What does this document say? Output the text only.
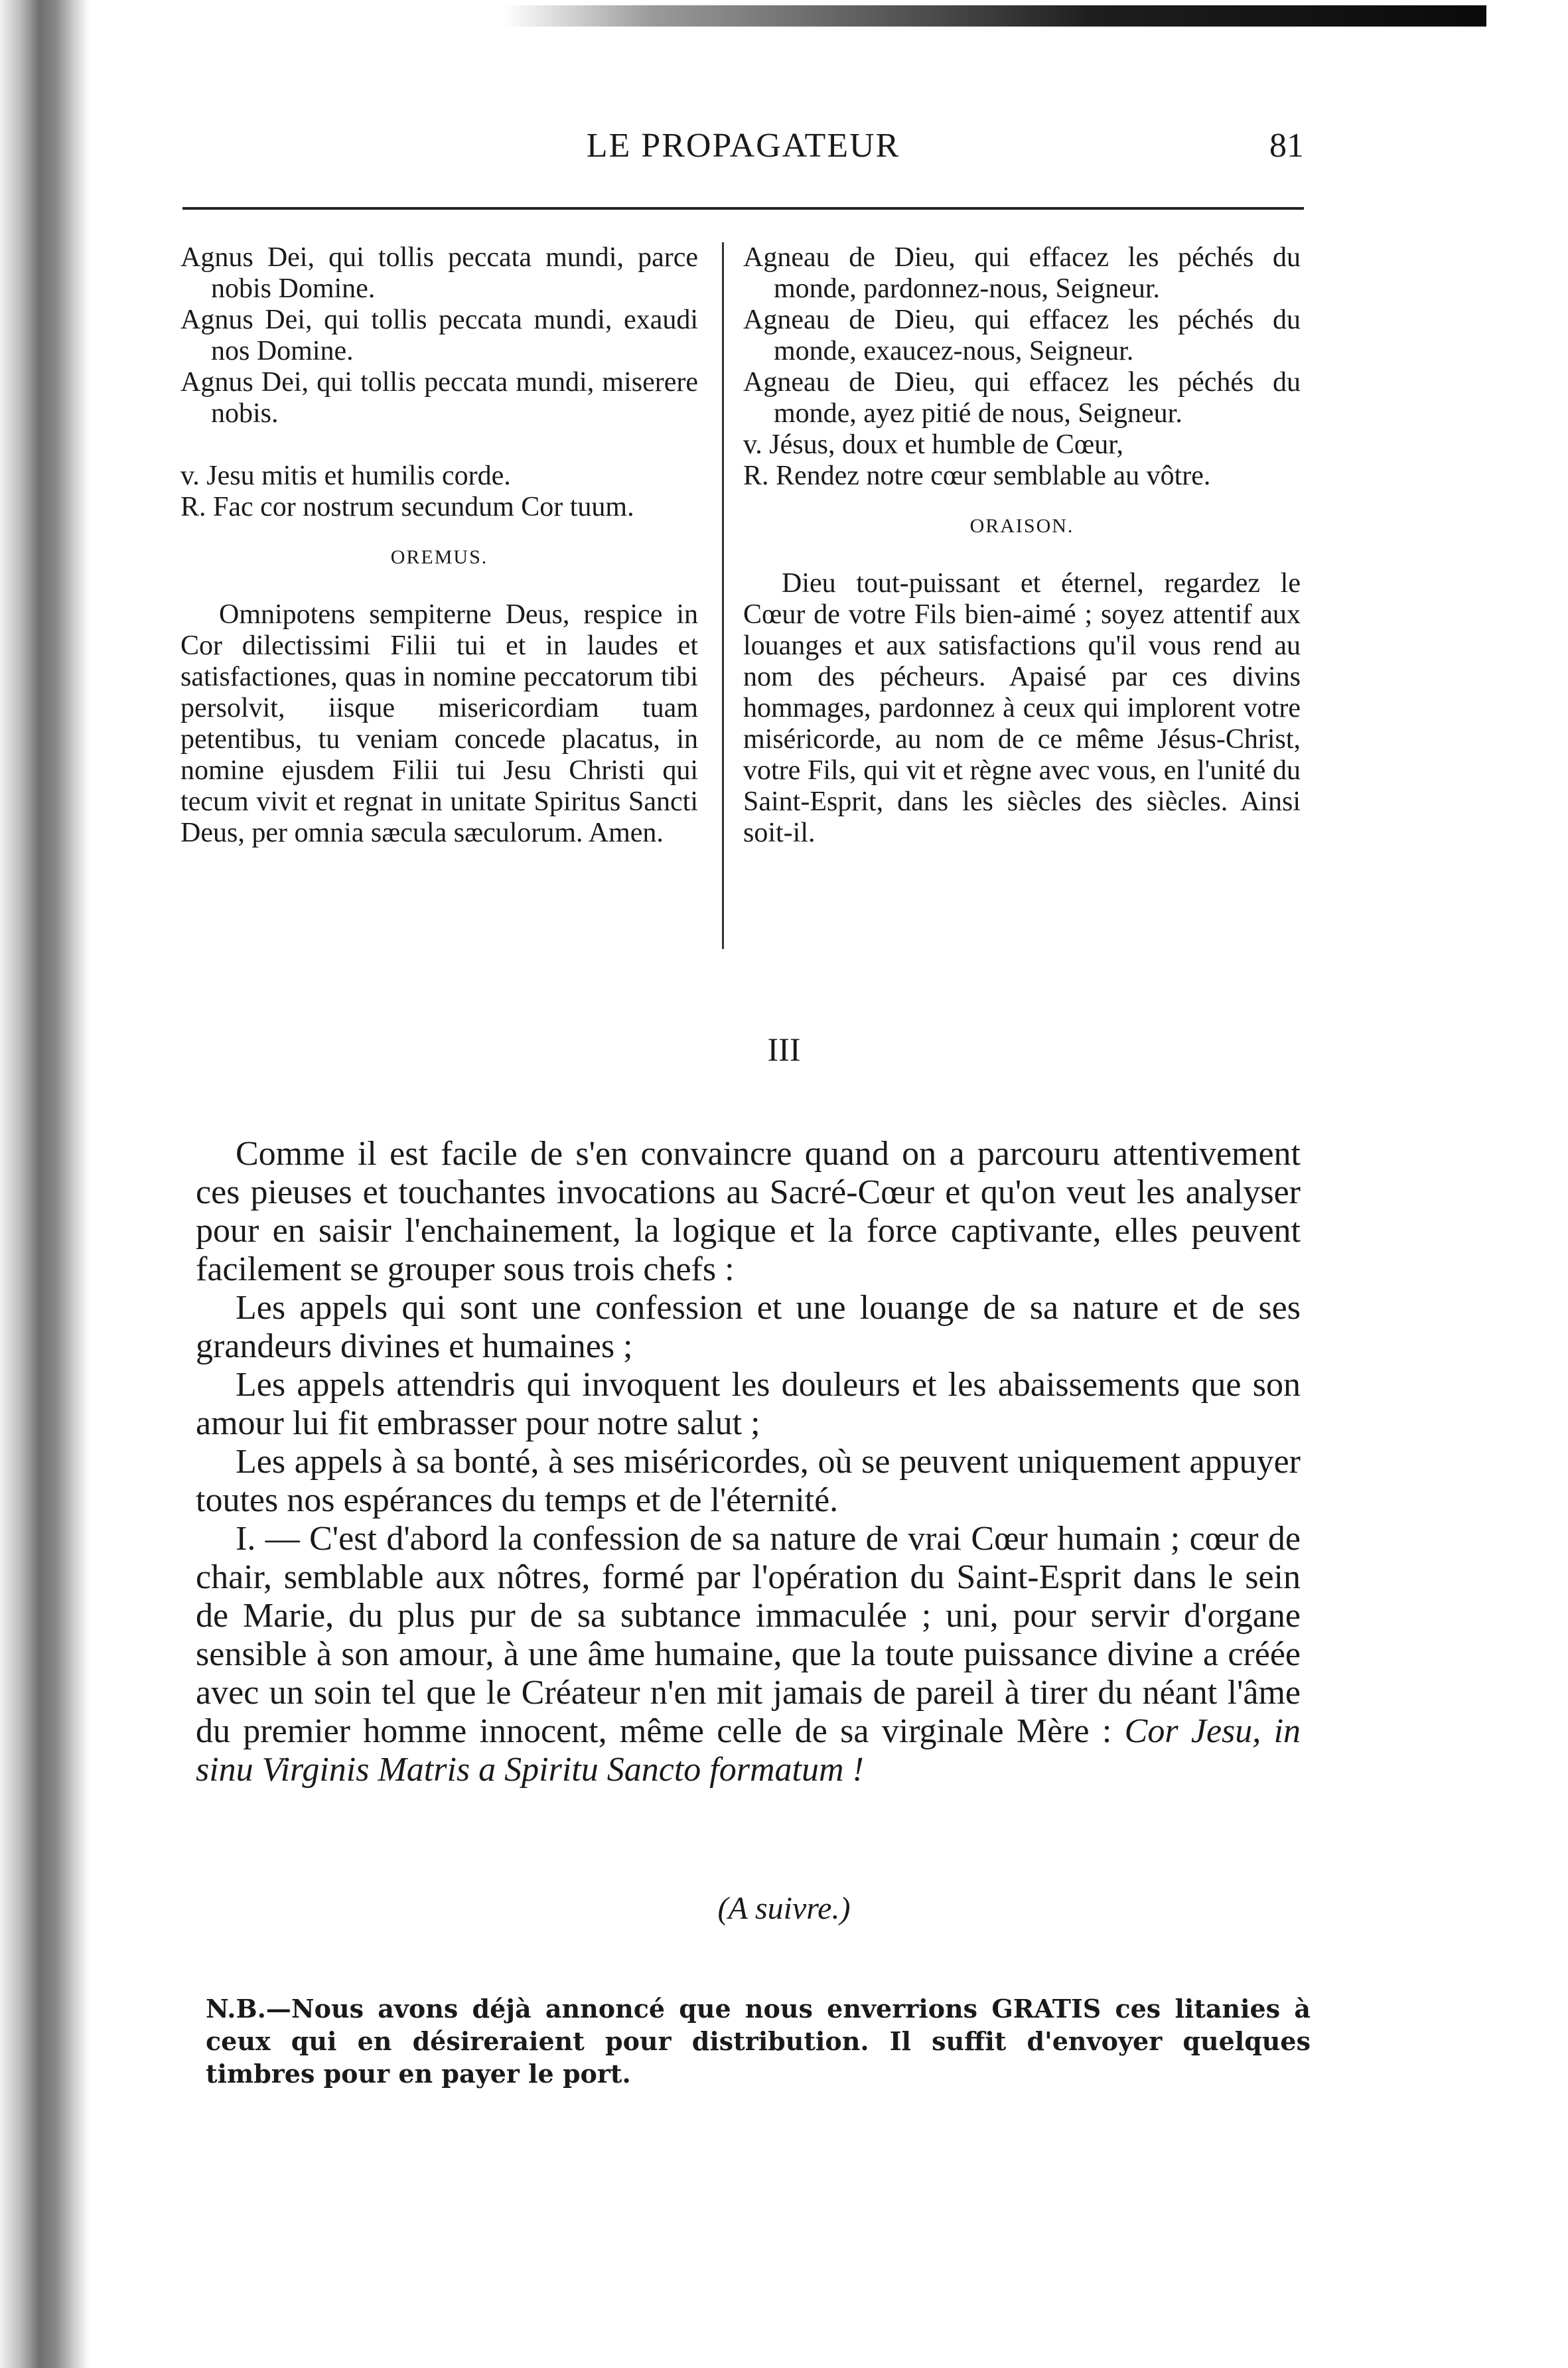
LE PROPAGATEUR	81

Agnus Dei, qui tollis peccata mundi, parce nobis Domine.

Agnus Dei, qui tollis peccata mundi, exaudi nos Domine.

Agnus Dei, qui tollis peccata mundi, miserere nobis.

v. Jesu mitis et humilis corde.

R. Fac cor nostrum secundum Cor tuum.

OREMUS.

Omnipotens sempiterne Deus, respice in Cor dilectissimi Filii tui et in laudes et satisfactiones, quas in nomine peccatorum tibi persolvit, iisque misericordiam tuam petentibus, tu veniam concede placatus, in nomine ejusdem Filii tui Jesu Christi qui tecum vivit et regnat in unitate Spiritus Sancti Deus, per omnia sæcula sæculorum. Amen.

Agneau de Dieu, qui effacez les péchés du monde, pardonnez-nous, Seigneur.

Agneau de Dieu, qui effacez les péchés du monde, exaucez-nous, Seigneur.

Agneau de Dieu, qui effacez les péchés du monde, ayez pitié de nous, Seigneur.

v. Jésus, doux et humble de Cœur,

R. Rendez notre cœur semblable au vôtre.

ORAISON.

Dieu tout-puissant et éternel, regardez le Cœur de votre Fils bien-aimé ; soyez attentif aux louanges et aux satisfactions qu'il vous rend au nom des pécheurs. Apaisé par ces divins hommages, pardonnez à ceux qui implorent votre miséricorde, au nom de ce même Jésus-Christ, votre Fils, qui vit et règne avec vous, en l'unité du Saint-Esprit, dans les siècles des siècles. Ainsi soit-il.

III

Comme il est facile de s'en convaincre quand on a parcouru attentivement ces pieuses et touchantes invocations au Sacré-Cœur et qu'on veut les analyser pour en saisir l'enchainement, la logique et la force captivante, elles peuvent facilement se grouper sous trois chefs :

Les appels qui sont une confession et une louange de sa nature et de ses grandeurs divines et humaines ;

Les appels attendris qui invoquent les douleurs et les abaissements que son amour lui fit embrasser pour notre salut ;

Les appels à sa bonté, à ses miséricordes, où se peuvent uniquement appuyer toutes nos espérances du temps et de l'éternité.

I. — C'est d'abord la confession de sa nature de vrai Cœur humain ; cœur de chair, semblable aux nôtres, formé par l'opération du Saint-Esprit dans le sein de Marie, du plus pur de sa subtance immaculée ; uni, pour servir d'organe sensible à son amour, à une âme humaine, que la toute puissance divine a créée avec un soin tel que le Créateur n'en mit jamais de pareil à tirer du néant l'âme du premier homme innocent, même celle de sa virginale Mère : Cor Jesu, in sinu Virginis Matris a Spiritu Sancto formatum !

(A suivre.)
N.B.—Nous avons déjà annoncé que nous enverrions GRATIS ces litanies à ceux qui en désireraient pour distribution. Il suffit d'envoyer quelques timbres pour en payer le port.
